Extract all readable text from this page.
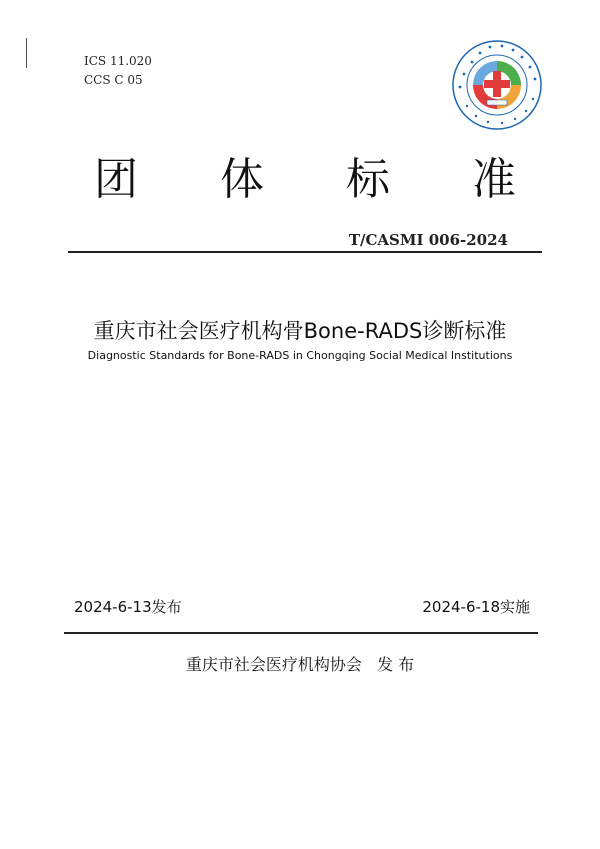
ICS 11.020
CCS C 05
团 体 标 准
T/CASMI 006-2024
重庆市社会医疗机构骨Bone-RADS诊断标准
Diagnostic Standards for Bone-RADS in Chongqing Social Medical Institutions
2024-6-13发布	2024-6-18实施
重庆市社会医疗机构协会 发 布
